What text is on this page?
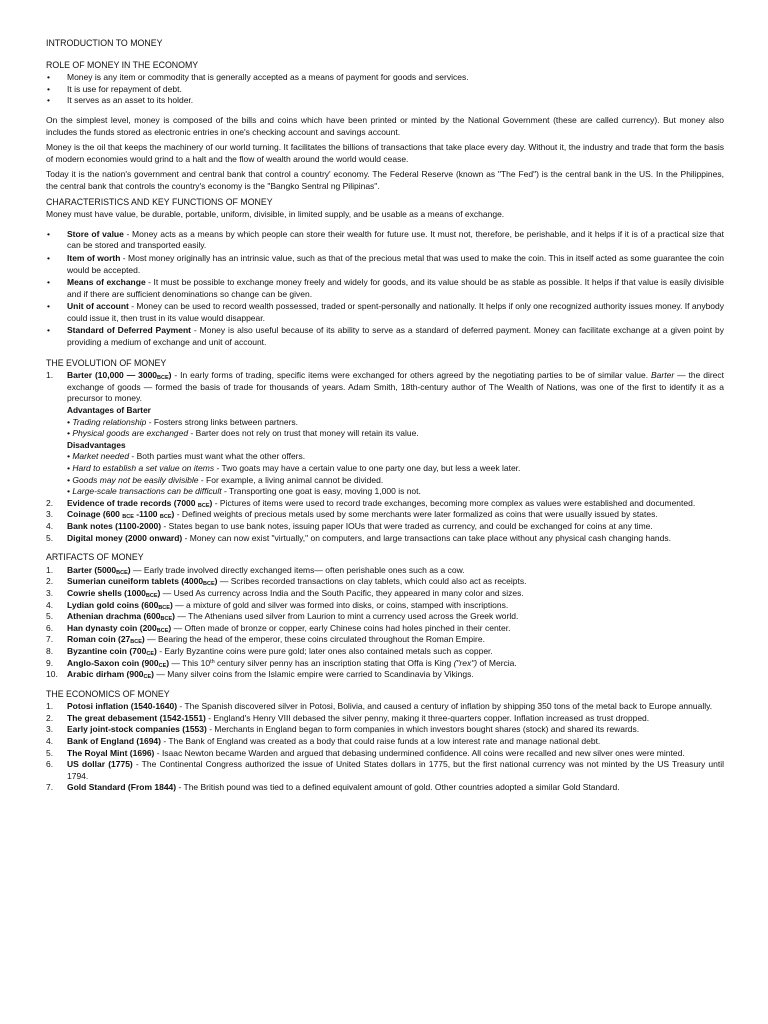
INTRODUCTION TO MONEY
ROLE OF MONEY IN THE ECONOMY
• Money is any item or commodity that is generally accepted as a means of payment for goods and services.
• It is use for repayment of debt.
• It serves as an asset to its holder.

On the simplest level, money is composed of the bills and coins which have been printed or minted by the National Government (these are called currency). But money also includes the funds stored as electronic entries in one's checking account and savings account.

Money is the oil that keeps the machinery of our world turning. It facilitates the billions of transactions that take place every day. Without it, the industry and trade that form the basis of modern economies would grind to a halt and the flow of wealth around the world would cease.

Today it is the nation's government and central bank that control a country' economy. The Federal Reserve (known as "The Fed") is the central bank in the US. In the Philippines, the central bank that controls the country's economy is the "Bangko Sentral ng Pilipinas".

CHARACTERISTICS AND KEY FUNCTIONS OF MONEY

Money must have value, be durable, portable, uniform, divisible, in limited supply, and be usable as a means of exchange.

• Store of value - Money acts as a means by which people can store their wealth for future use. It must not, therefore, be perishable, and it helps if it is of a practical size that can be stored and transported easily.
• Item of worth - Most money originally has an intrinsic value, such as that of the precious metal that was used to make the coin. This in itself acted as some guarantee the coin would be accepted.
• Means of exchange - It must be possible to exchange money freely and widely for goods, and its value should be as stable as possible. It helps if that value is easily divisible and if there are sufficient denominations so change can be given.
• Unit of account - Money can be used to record wealth possessed, traded or spent-personally and nationally. It helps if only one recognized authority issues money. If anybody could issue it, then trust in its value would disappear.
• Standard of Deferred Payment - Money is also useful because of its ability to serve as a standard of deferred payment. Money can facilitate exchange at a given point by providing a medium of exchange and unit of account.
THE EVOLUTION OF MONEY
1. Barter (10,000 — $3000_{BCE}$) - In early forms of trading, specific items were exchanged for others agreed by the negotiating parties to be of similar value. Barter — the direct exchange of goods — formed the basis of trade for thousands of years. Adam Smith, 18th-century author of The Wealth of Nations, was one of the first to identify it as a precursor to money.
Advantages of Barter
• Trading relationship - Fosters strong links between partners.
• Physical goods are exchanged - Barter does not rely on trust that money will retain its value.
Disadvantages
• Market needed - Both parties must want what the other offers.
• Hard to establish a set value on items - Two goats may have a certain value to one party one day, but less a week later.
• Goods may not be easily divisible - For example, a living animal cannot be divided.
• Large-scale transactions can be difficult - Transporting one goat is easy, moving 1,000 is not.
2. Evidence of trade records (7000 $_{BCE}$) - Pictures of items were used to record trade exchanges, becoming more complex as values were established and documented.
3. Coinage (600 $_{BCE}$ -1100 $_{BCE}$) - Defined weights of precious metals used by some merchants were later formalized as coins that were usually issued by states.
4. Bank notes (1100-2000) - States began to use bank notes, issuing paper IOUs that were traded as currency, and could be exchanged for coins at any time.
5. Digital money (2000 onward) - Money can now exist "virtually," on computers, and large transactions can take place without any physical cash changing hands.
ARTIFACTS OF MONEY
1. Barter $(5000_{BCE})$ — Early trade involved directly exchanged items— often perishable ones such as a cow.
2. Sumerian cuneiform tablets $(4000_{BCE})$ — Scribes recorded transactions on clay tablets, which could also act as receipts.
3. Cowrie shells $(1000_{BCE})$ — Used As currency across India and the South Pacific, they appeared in many color and sizes.
4. Lydian gold coins $(600_{BCE})$ — a mixture of gold and silver was formed into disks, or coins, stamped with inscriptions.
5. Athenian drachma $(600_{BCE})$ — The Athenians used silver from Laurion to mint a currency used across the Greek world.
6. Han dynasty coin $(200_{BCE})$ — Often made of bronze or copper, early Chinese coins had holes pinched in their center.
7. Roman coin $(27_{BCE})$ — Bearing the head of the emperor, these coins circulated throughout the Roman Empire.
8. Byzantine coin $(700_{CE})$ - Early Byzantine coins were pure gold; later ones also contained metals such as copper.
9. Anglo-Saxon coin $(900_{CE})$ — This 10th century silver penny has an inscription stating that Offa is King ("rex") of Mercia.
10. Arabic dirham $(900_{CE})$ — Many silver coins from the Islamic empire were carried to Scandinavia by Vikings.
THE ECONOMICS OF MONEY
1. Potosi inflation (1540-1640) - The Spanish discovered silver in Potosi, Bolivia, and caused a century of inflation by shipping 350 tons of the metal back to Europe annually.
2. The great debasement (1542-1551) - England's Henry VIII debased the silver penny, making it three-quarters copper. Inflation increased as trust dropped.
3. Early joint-stock companies (1553) - Merchants in England began to form companies in which investors bought shares (stock) and shared its rewards.
4. Bank of England (1694) - The Bank of England was created as a body that could raise funds at a low interest rate and manage national debt.
5. The Royal Mint (1696) - Isaac Newton became Warden and argued that debasing undermined confidence. All coins were recalled and new silver ones were minted.
6. US dollar (1775) - The Continental Congress authorized the issue of United States dollars in 1775, but the first national currency was not minted by the US Treasury until 1794.
7. Gold Standard (From 1844) - The British pound was tied to a defined equivalent amount of gold. Other countries adopted a similar Gold Standard.
